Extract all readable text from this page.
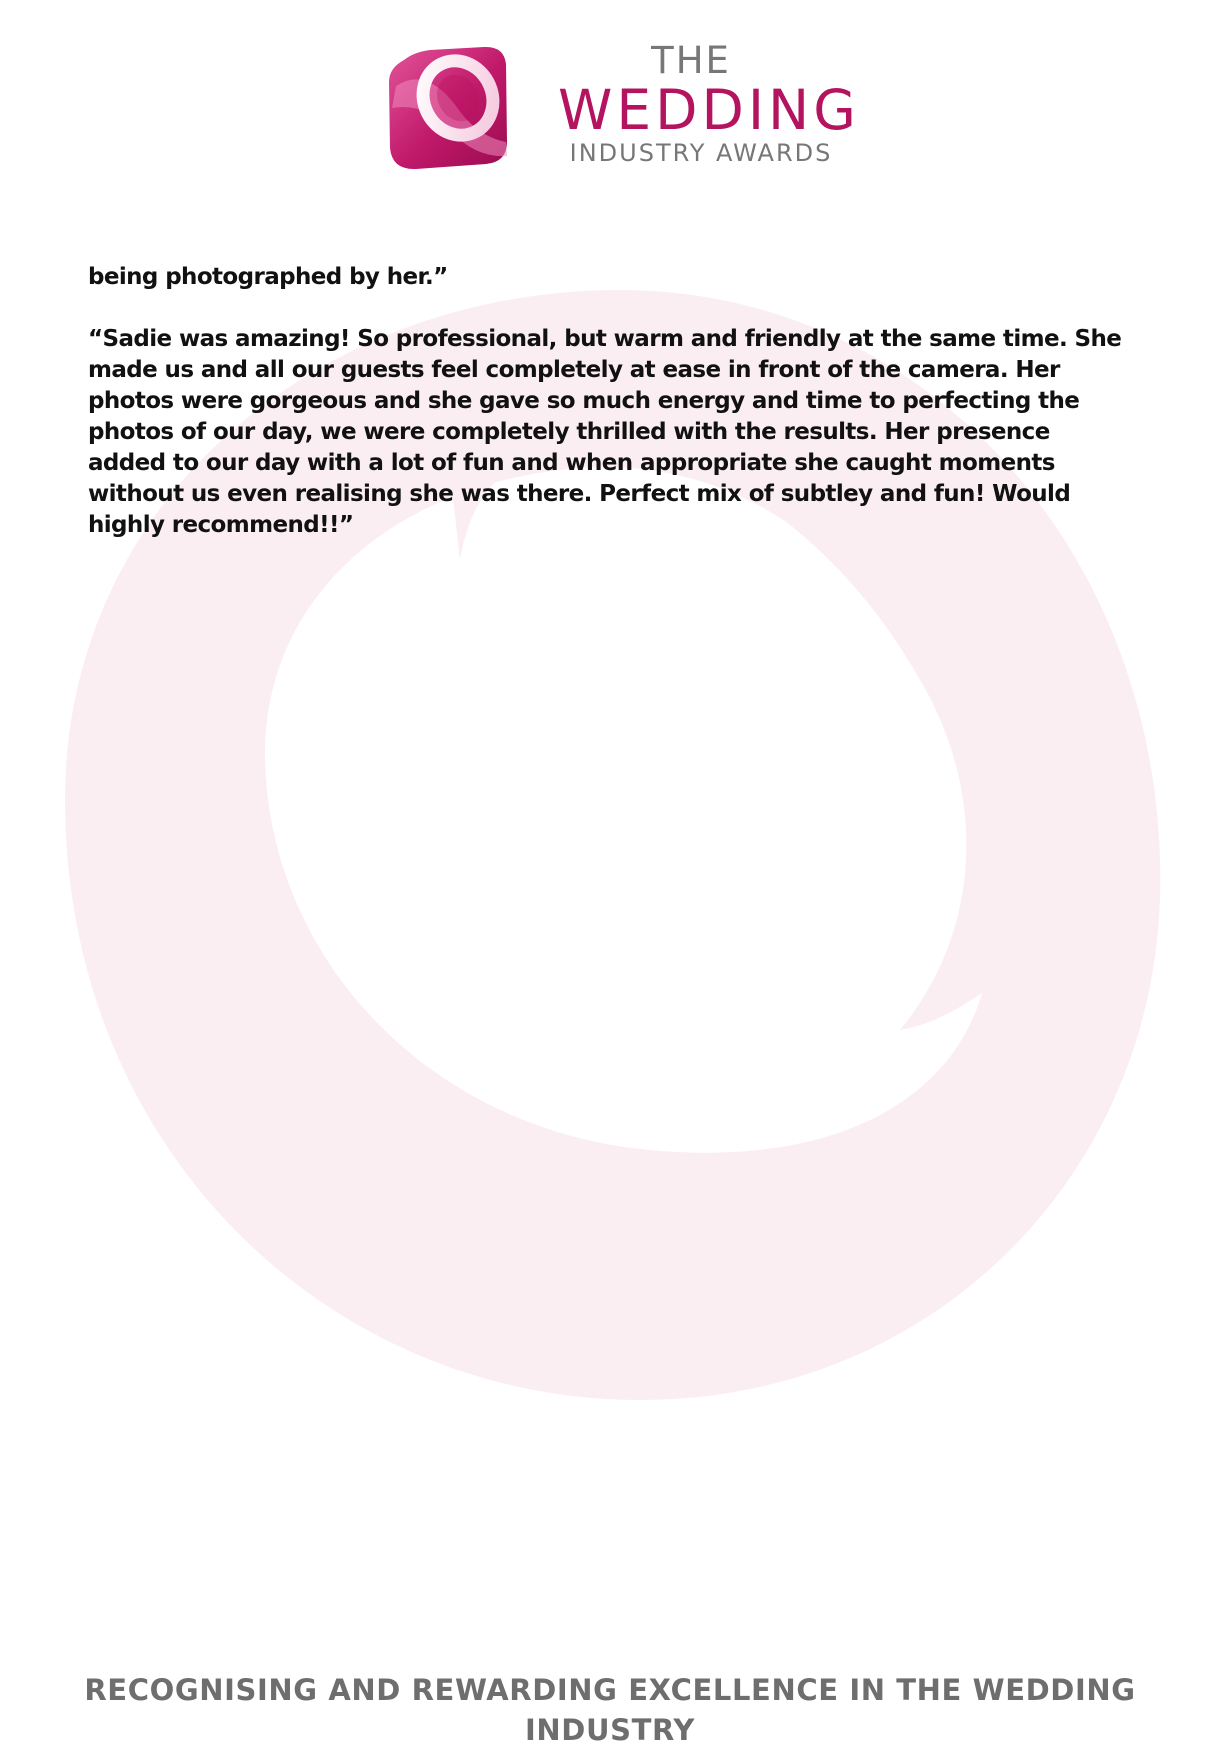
THE
WEDDING
INDUSTRY AWARDS

being photographed by her.”

“Sadie was amazing! So professional, but warm and friendly at the same time. She made us and all our guests feel completely at ease in front of the camera. Her photos were gorgeous and she gave so much energy and time to perfecting the photos of our day, we were completely thrilled with the results. Her presence added to our day with a lot of fun and when appropriate she caught moments without us even realising she was there. Perfect mix of subtley and fun! Would highly recommend!!”

RECOGNISING AND REWARDING EXCELLENCE IN THE WEDDING INDUSTRY
